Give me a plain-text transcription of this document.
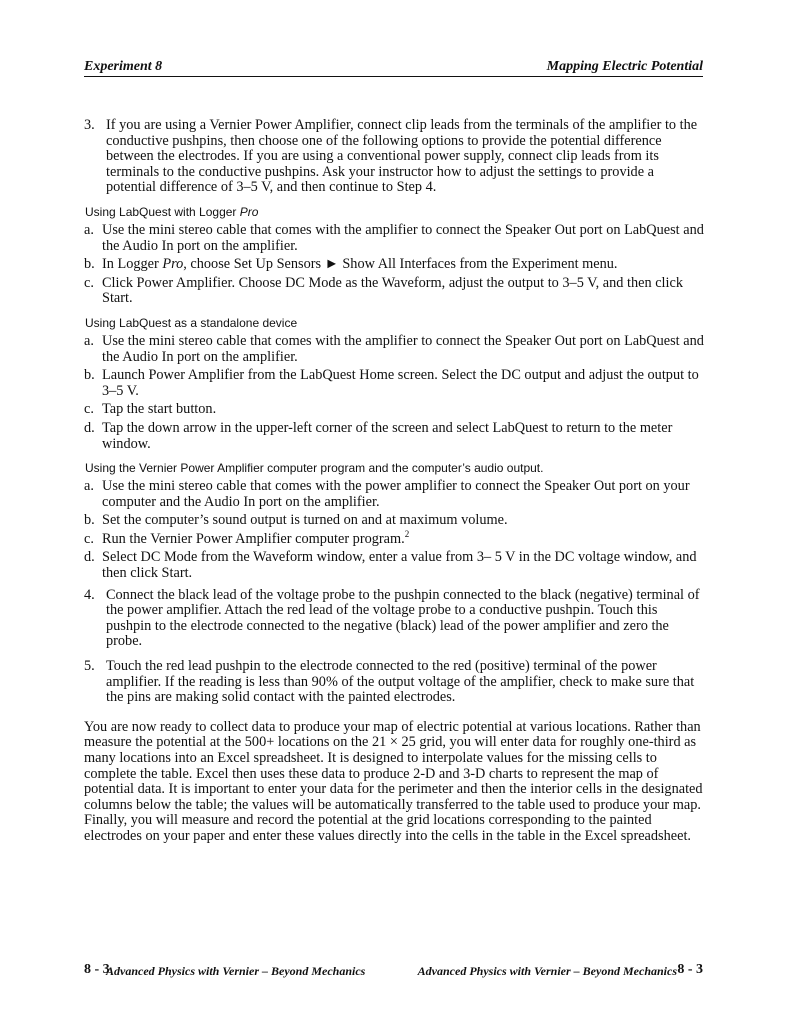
Experiment 8	Mapping Electric Potential
3. If you are using a Vernier Power Amplifier, connect clip leads from the terminals of the amplifier to the conductive pushpins, then choose one of the following options to provide the potential difference between the electrodes. If you are using a conventional power supply, connect clip leads from its terminals to the conductive pushpins. Ask your instructor how to adjust the settings to provide a potential difference of 3–5 V, and then continue to Step 4.
Using LabQuest with Logger Pro
a. Use the mini stereo cable that comes with the amplifier to connect the Speaker Out port on LabQuest and the Audio In port on the amplifier.
b. In Logger Pro, choose Set Up Sensors ► Show All Interfaces from the Experiment menu.
c. Click Power Amplifier. Choose DC Mode as the Waveform, adjust the output to 3–5 V, and then click Start.
Using LabQuest as a standalone device
a. Use the mini stereo cable that comes with the amplifier to connect the Speaker Out port on LabQuest and the Audio In port on the amplifier.
b. Launch Power Amplifier from the LabQuest Home screen. Select the DC output and adjust the output to 3–5 V.
c. Tap the start button.
d. Tap the down arrow in the upper-left corner of the screen and select LabQuest to return to the meter window.
Using the Vernier Power Amplifier computer program and the computer’s audio output.
a. Use the mini stereo cable that comes with the power amplifier to connect the Speaker Out port on your computer and the Audio In port on the amplifier.
b. Set the computer’s sound output is turned on and at maximum volume.
c. Run the Vernier Power Amplifier computer program.$^2$
d. Select DC Mode from the Waveform window, enter a value from 3– 5 V in the DC voltage window, and then click Start.
4. Connect the black lead of the voltage probe to the pushpin connected to the black (negative) terminal of the power amplifier. Attach the red lead of the voltage probe to a conductive pushpin. Touch this pushpin to the electrode connected to the negative (black) lead of the power amplifier and zero the probe.
5. Touch the red lead pushpin to the electrode connected to the red (positive) terminal of the power amplifier. If the reading is less than 90% of the output voltage of the amplifier, check to make sure that the pins are making solid contact with the painted electrodes.
You are now ready to collect data to produce your map of electric potential at various locations. Rather than measure the potential at the 500+ locations on the 21 × 25 grid, you will enter data for roughly one-third as many locations into an Excel spreadsheet. It is designed to interpolate values for the missing cells to complete the table. Excel then uses these data to produce 2-D and 3-D charts to represent the map of potential data. It is important to enter your data for the perimeter and then the interior cells in the designated columns below the table; the values will be automatically transferred to the table used to produce your map. Finally, you will measure and record the potential at the grid locations corresponding to the painted electrodes on your paper and enter these values directly into the cells in the table in the Excel spreadsheet.
8 - 3
Advanced Physics with Vernier – Beyond Mechanics	Advanced Physics with Vernier – Beyond Mechanics 8 - 3
